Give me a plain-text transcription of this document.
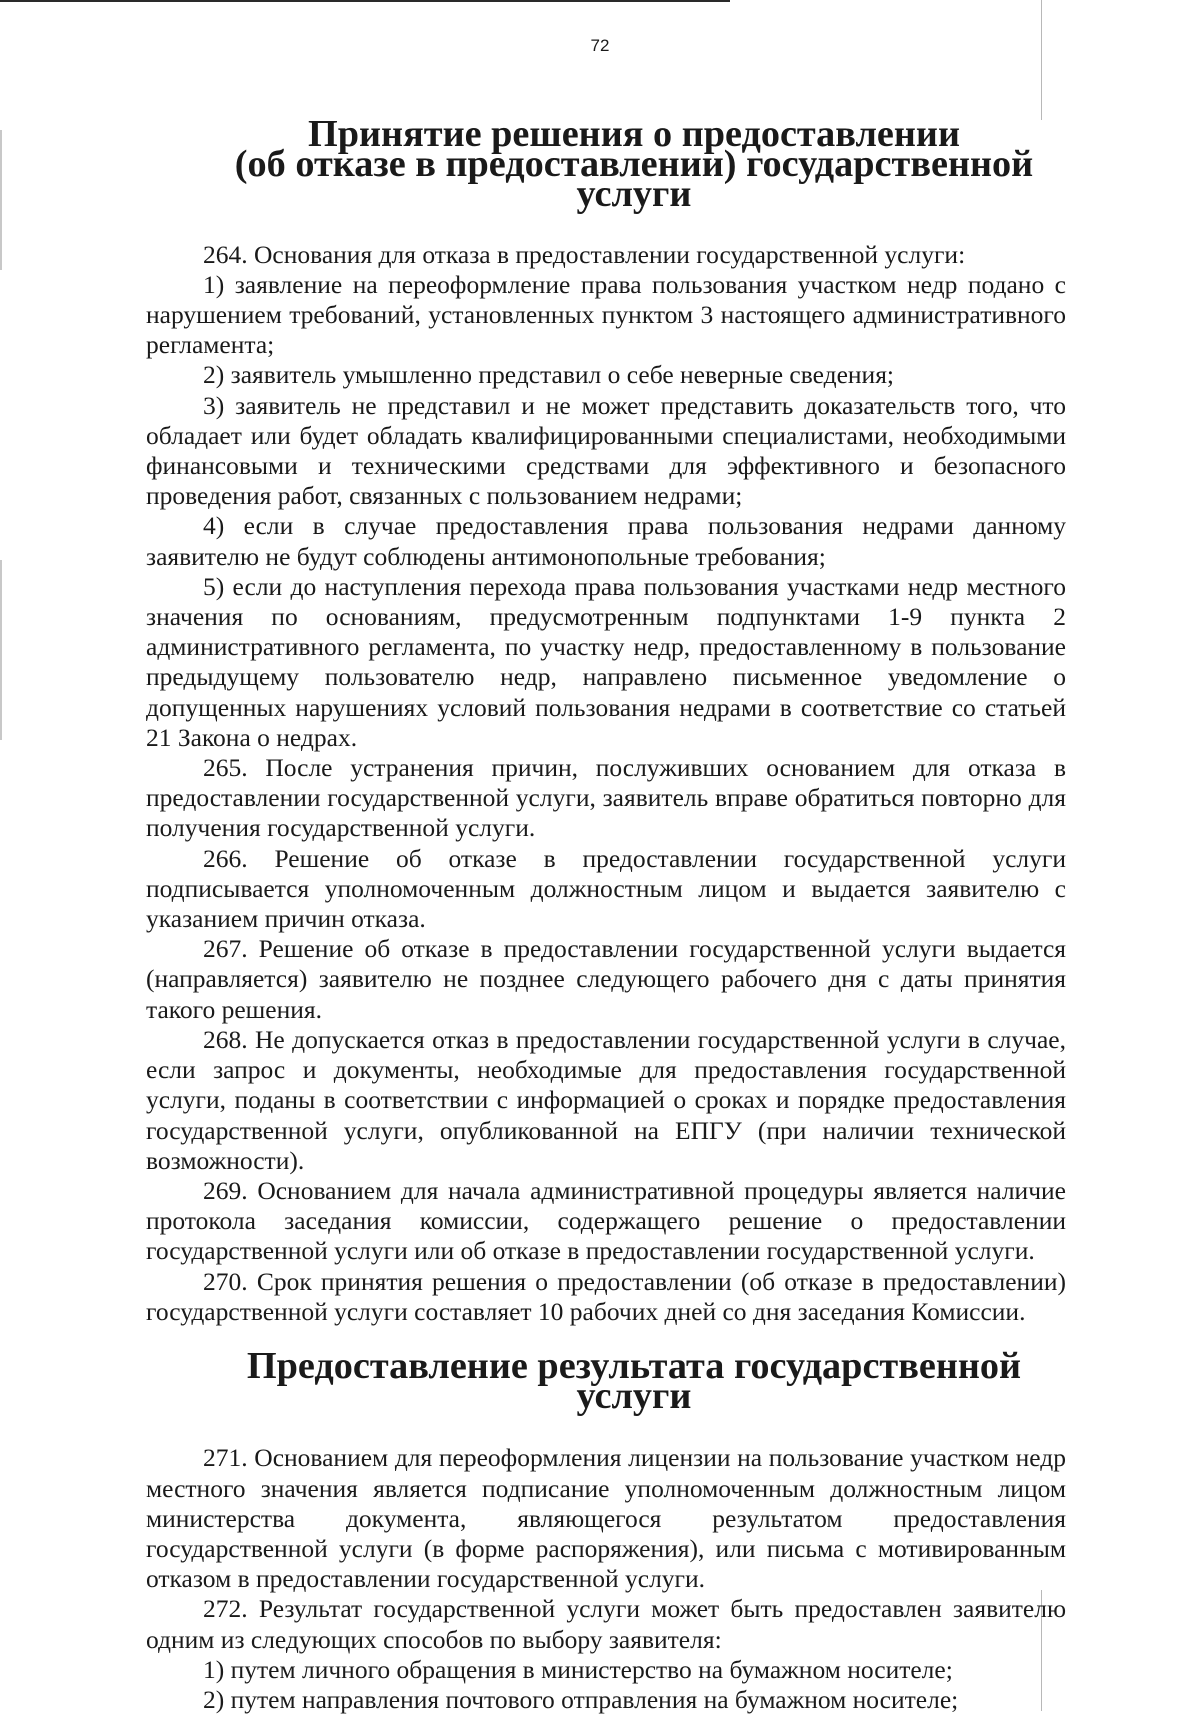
72
Принятие решения о предоставлении
(об отказе в предоставлении) государственной услуги

264. Основания для отказа в предоставлении государственной услуги:

1) заявление на переоформление права пользования участком недр подано с нарушением требований, установленных пунктом 3 настоящего административного регламента;

2) заявитель умышленно представил о себе неверные сведения;

3) заявитель не представил и не может представить доказательств того, что обладает или будет обладать квалифицированными специалистами, необходимыми финансовыми и техническими средствами для эффективного и безопасного проведения работ, связанных с пользованием недрами;

4) если в случае предоставления права пользования недрами данному заявителю не будут соблюдены антимонопольные требования;

5) если до наступления перехода права пользования участками недр местного значения по основаниям, предусмотренным подпунктами 1-9 пункта 2 административного регламента, по участку недр, предоставленному в пользование предыдущему пользователю недр, направлено письменное уведомление о допущенных нарушениях условий пользования недрами в соответствие со статьей 21 Закона о недрах.

265. После устранения причин, послуживших основанием для отказа в предоставлении государственной услуги, заявитель вправе обратиться повторно для получения государственной услуги.

266. Решение об отказе в предоставлении государственной услуги подписывается уполномоченным должностным лицом и выдается заявителю с указанием причин отказа.

267. Решение об отказе в предоставлении государственной услуги выдается (направляется) заявителю не позднее следующего рабочего дня с даты принятия такого решения.

268. Не допускается отказ в предоставлении государственной услуги в случае, если запрос и документы, необходимые для предоставления государственной услуги, поданы в соответствии с информацией о сроках и порядке предоставления государственной услуги, опубликованной на ЕПГУ (при наличии технической возможности).

269. Основанием для начала административной процедуры является наличие протокола заседания комиссии, содержащего решение о предоставлении государственной услуги или об отказе в предоставлении государственной услуги.

270. Срок принятия решения о предоставлении (об отказе в предоставлении) государственной услуги составляет 10 рабочих дней со дня заседания Комиссии.

Предоставление результата государственной услуги

271. Основанием для переоформления лицензии на пользование участком недр местного значения является подписание уполномоченным должностным лицом министерства документа, являющегося результатом предоставления государственной услуги (в форме распоряжения), или письма с мотивированным отказом в предоставлении государственной услуги.

272. Результат государственной услуги может быть предоставлен заявителю одним из следующих способов по выбору заявителя:

1) путем личного обращения в министерство на бумажном носителе;

2) путем направления почтового отправления на бумажном носителе;
